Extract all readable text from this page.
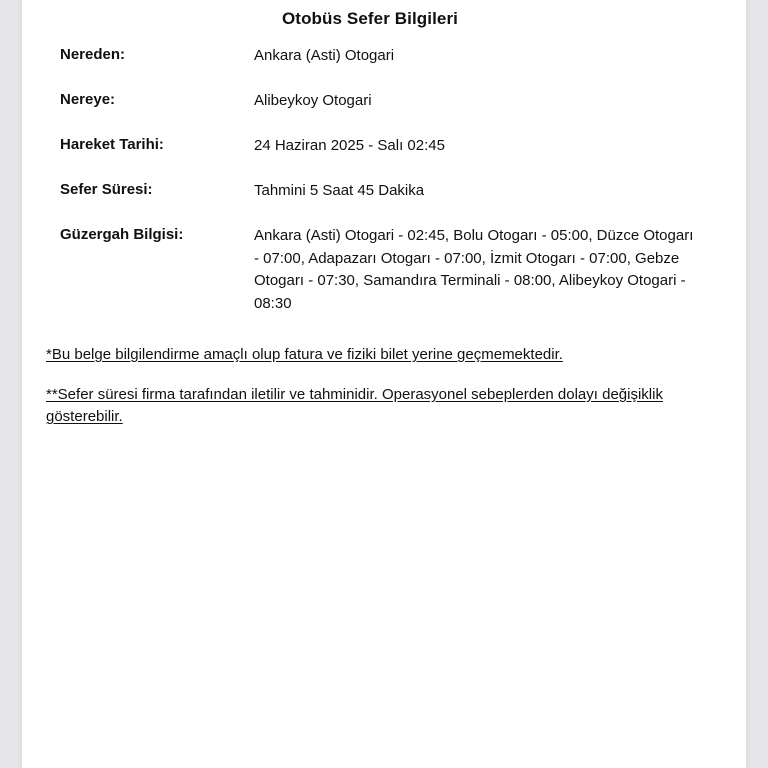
Otobüs Sefer Bilgileri
Nereden:	Ankara (Asti) Otogari
Nereye:	Alibeykoy Otogari
Hareket Tarihi:	24 Haziran 2025 - Salı 02:45
Sefer Süresi:	Tahmini 5 Saat 45 Dakika
Güzergah Bilgisi:	Ankara (Asti) Otogari - 02:45, Bolu Otogarı - 05:00, Düzce Otogarı - 07:00, Adapazarı Otogarı - 07:00, İzmit Otogarı - 07:00, Gebze Otogarı - 07:30, Samandıra Terminali - 08:00, Alibeykoy Otogari - 08:30
*Bu belge bilgilendirme amaçlı olup fatura ve fiziki bilet yerine geçmemektedir.
**Sefer süresi firma tarafından iletilir ve tahminidir. Operasyonel sebeplerden dolayı değişiklik gösterebilir.
